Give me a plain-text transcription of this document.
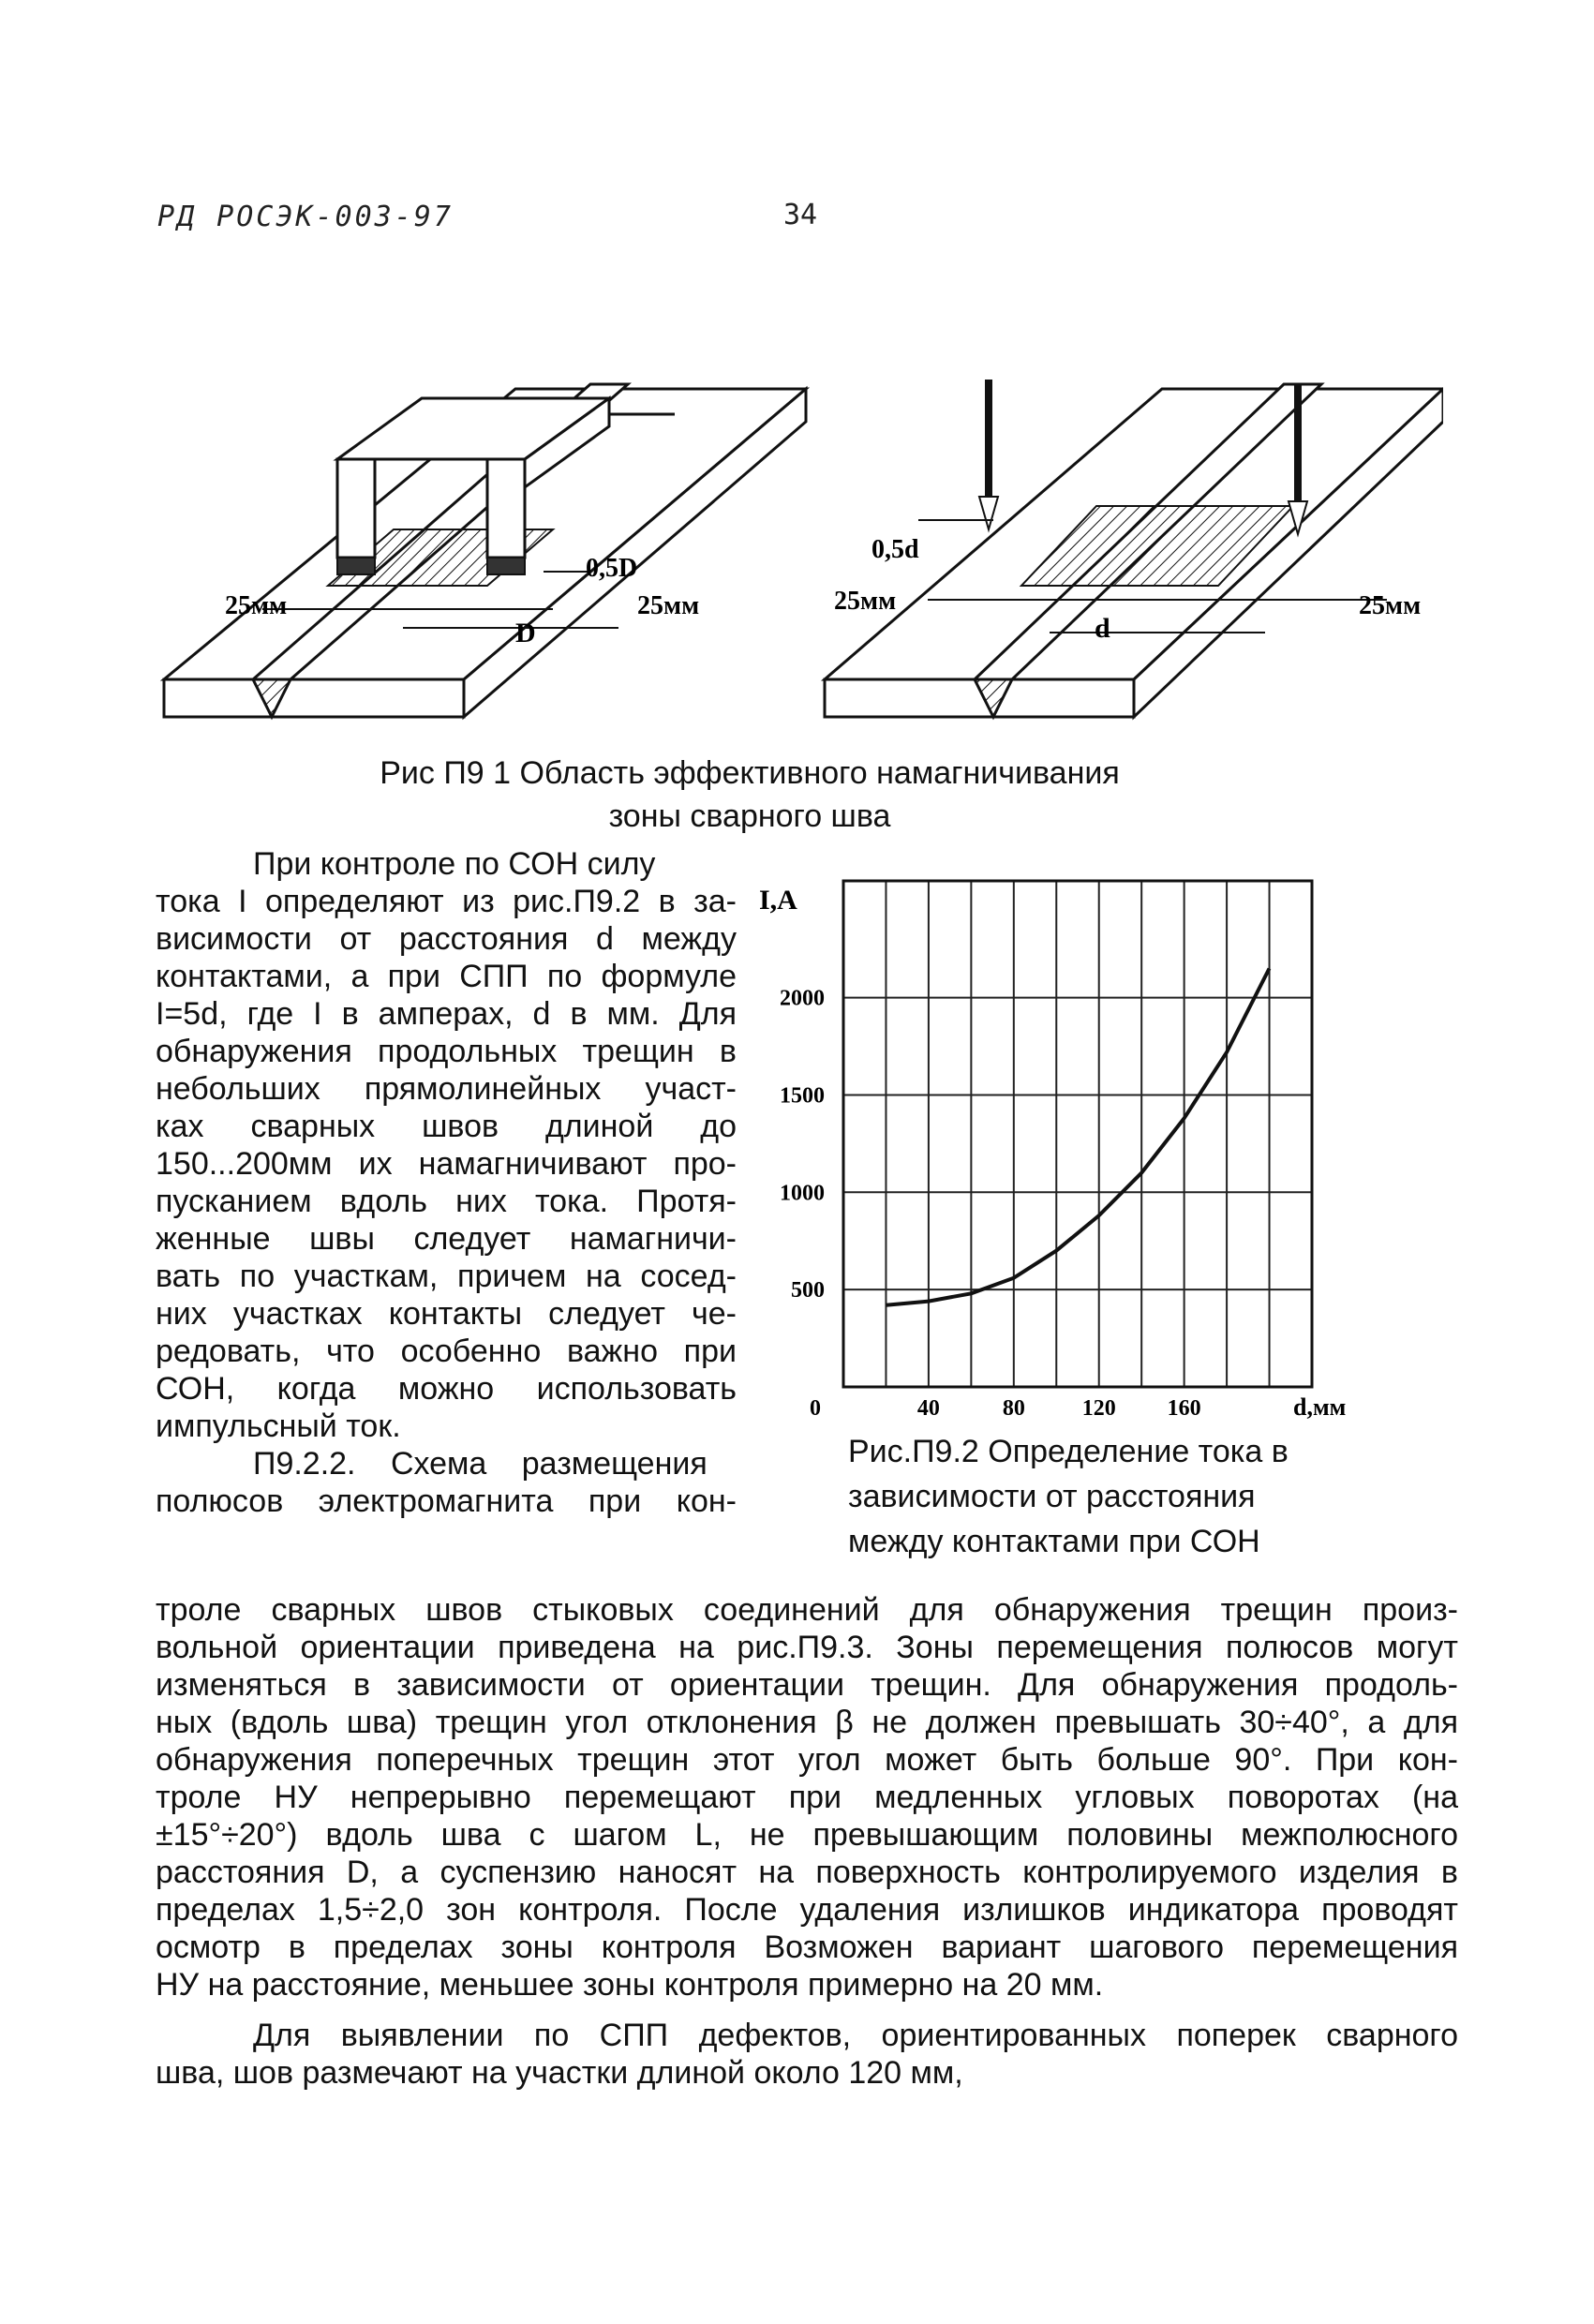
РД РОСЭК-003-97	34
25мм	25мм
0,5D
D
25мм	25мм
0,5d
d
Рис П9 1 Область эффективного намагничивания
зоны сварного шва
При контроле по СОН силу
тока I определяют из рис.П9.2 в за-
висимости от расстояния d между
контактами, а при СПП по формуле
I=5d, где I в амперах, d в мм. Для
обнаружения продольных трещин в
небольших прямолинейных участ-
ках сварных швов длиной до
150...200мм их намагничивают про-
пусканием вдоль них тока. Протя-
женные швы следует намагничи-
вать по участкам, причем на сосед-
них участках контакты следует че-
редовать, что особенно важно при
СОН, когда можно использовать
импульсный ток.
П9.2.2. Схема размещения
полюсов электромагнита при кон-
I,A
500
1000
1500
2000
0	40	80	120 160	d,мм
Рис.П9.2 Определение тока в
зависимости от расстояния
между контактами при СОН
троле сварных швов стыковых соединений для обнаружения трещин произ-
вольной ориентации приведена на рис.П9.3. Зоны перемещения полюсов могут
изменяться в зависимости от ориентации трещин. Для обнаружения продоль-
ных (вдоль шва) трещин угол отклонения β не должен превышать 30÷40°, а для
обнаружения поперечных трещин этот угол может быть больше 90°. При кон-
троле НУ непрерывно перемещают при медленных угловых поворотах (на
±15°÷20°) вдоль шва с шагом L, не превышающим половины межполюсного
расстояния D, а суспензию наносят на поверхность контролируемого изделия в
пределах 1,5÷2,0 зон контроля. После удаления излишков индикатора проводят
осмотр в пределах зоны контроля Возможен вариант шагового перемещения
НУ на расстояние, меньшее зоны контроля примерно на 20 мм.
Для выявлении по СПП дефектов, ориентированных поперек сварного
шва, шов размечают на участки длиной около 120 мм,
